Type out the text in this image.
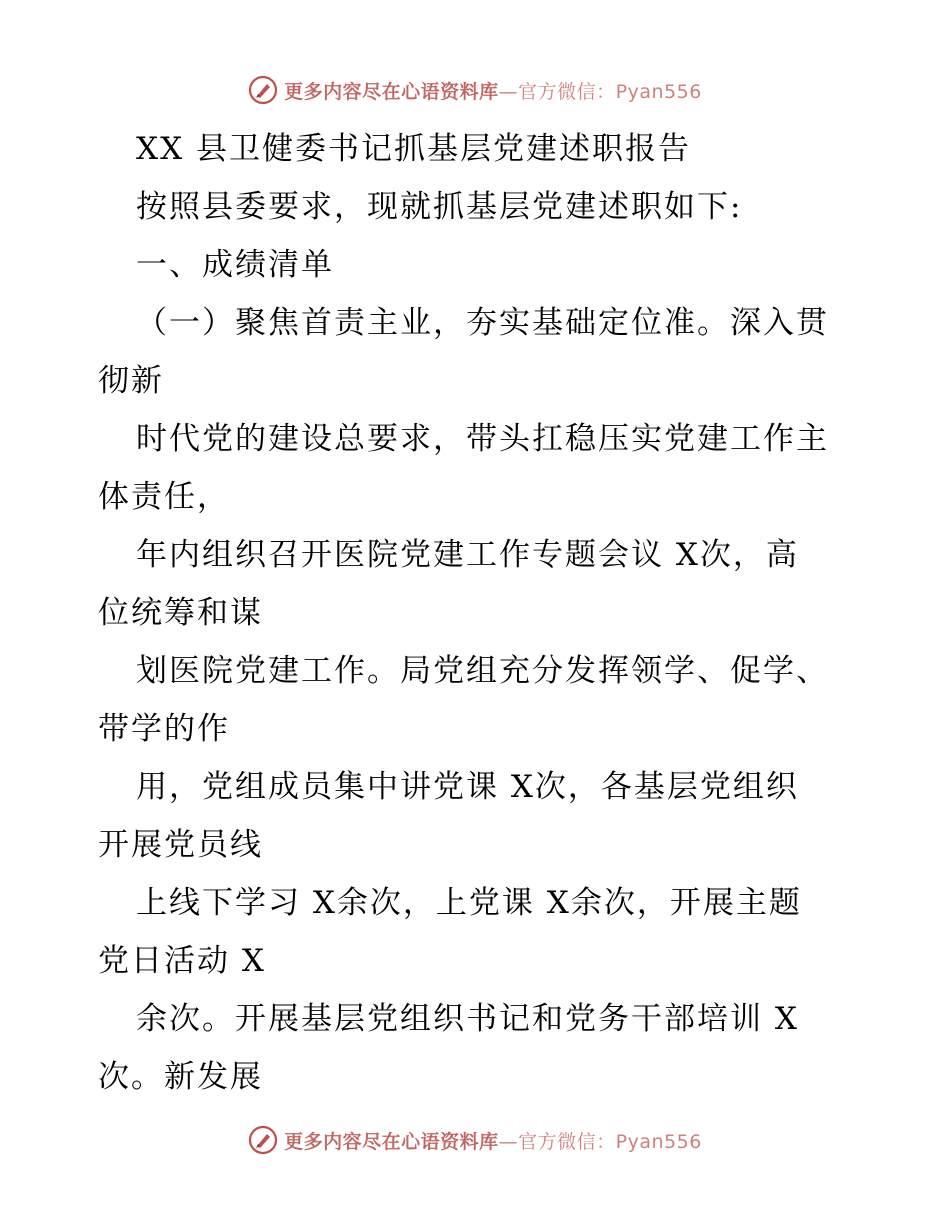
更多内容尽在心语资料库—官方微信：Pyan556
XX 县卫健委书记抓基层党建述职报告
按照县委要求，现就抓基层党建述职如下:
一、成绩清单
（一）聚焦首责主业，夯实基础定位准。深入贯
彻新
时代党的建设总要求，带头扛稳压实党建工作主
体责任，
年内组织召开医院党建工作专题会议 X次，高
位统筹和谋
划医院党建工作。局党组充分发挥领学、促学、
带学的作
用，党组成员集中讲党课 X次，各基层党组织
开展党员线
上线下学习 X余次，上党课 X余次，开展主题
党日活动 X
余次。开展基层党组织书记和党务干部培训 X
次。新发展
更多内容尽在心语资料库—官方微信：Pyan556
